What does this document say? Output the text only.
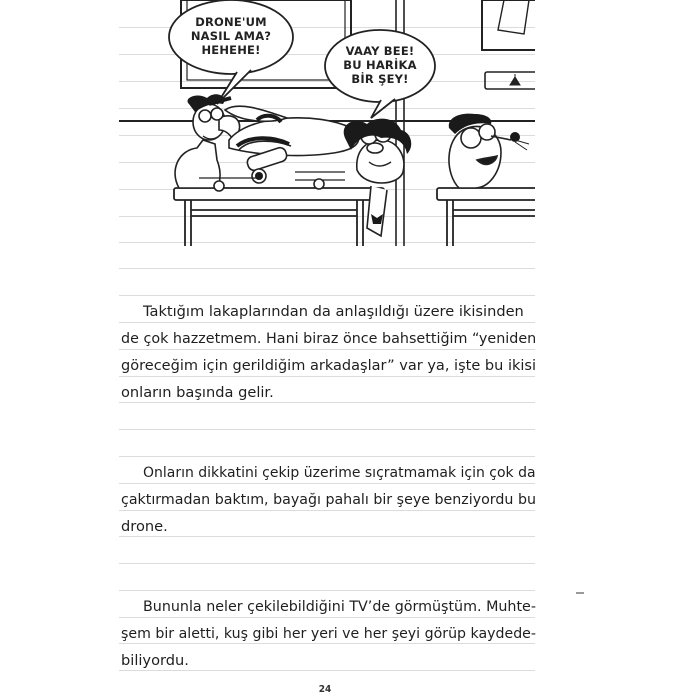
DRONE'UM
NASIL AMA?
HEHEHE!	VAAY BEE!
BU HARİKA
BİR ŞEY!
Taktığım lakaplarından da anlaşıldığı üzere ikisinden
de çok hazzetmem. Hani biraz önce bahsettiğim “yeniden
göreceğim için gerildiğim arkadaşlar” var ya, işte bu ikisi
onların başında gelir.
Onların dikkatini çekip üzerime sıçratmamak için çok da
çaktırmadan baktım, bayağı pahalı bir şeye benziyordu bu
drone.
Bununla neler çekilebildiğini TV’de görmüştüm. Muhte-
şem bir aletti, kuş gibi her yeri ve her şeyi görüp kaydede-
biliyordu.
24
